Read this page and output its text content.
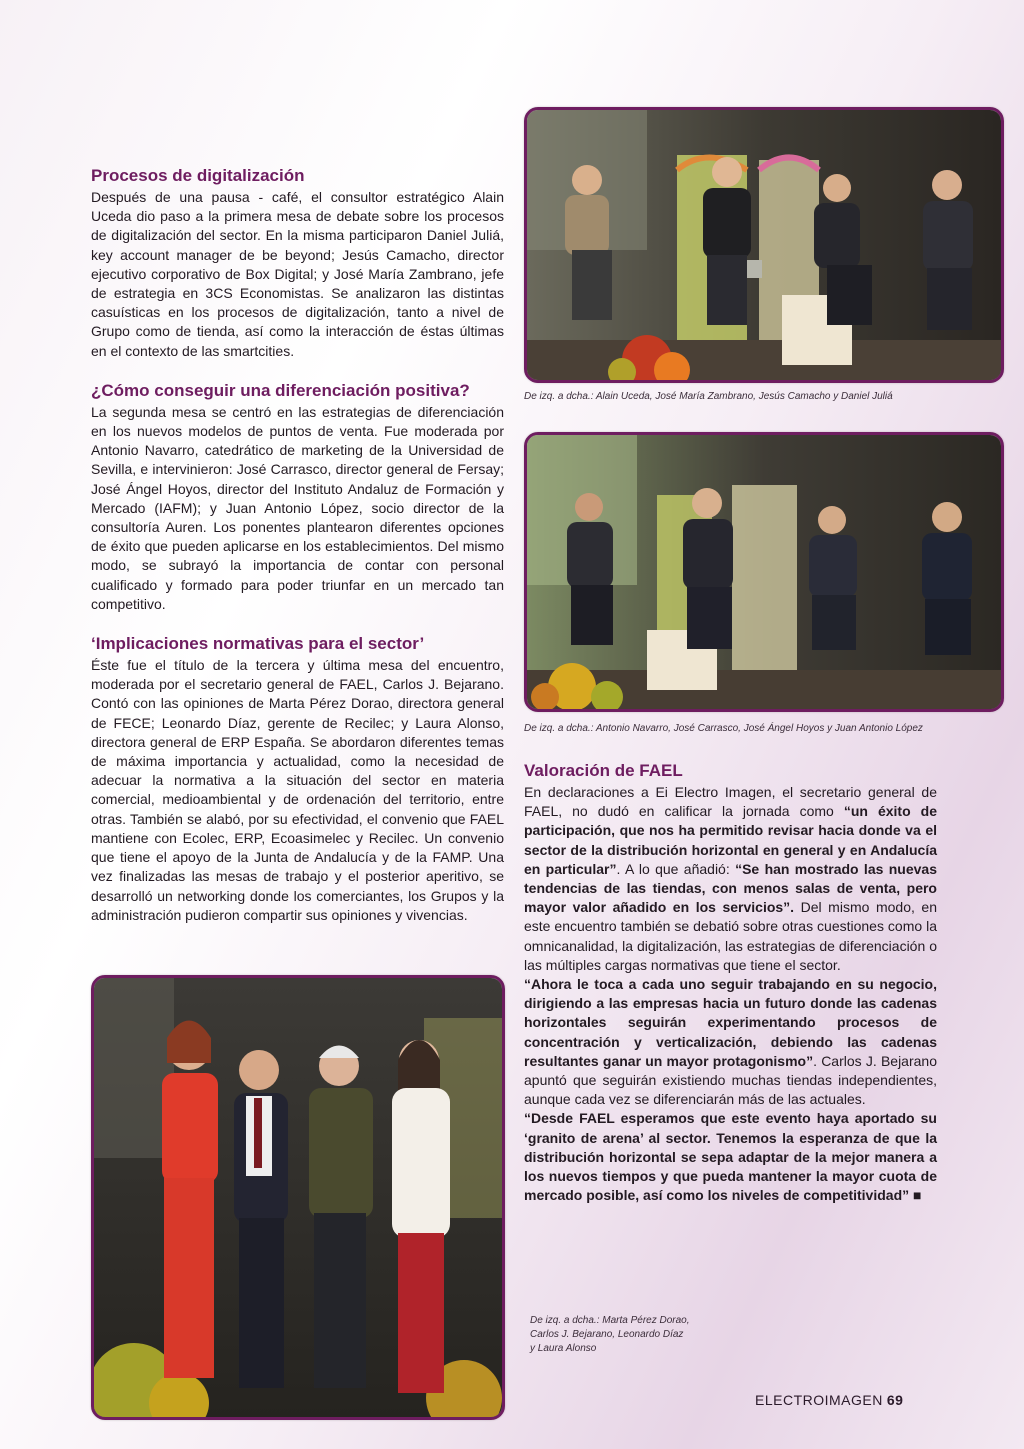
Procesos de digitalización

Después de una pausa - café, el consultor estratégico Alain Uceda dio paso a la primera mesa de debate sobre los procesos de digitalización del sector. En la misma participaron Daniel Juliá, key account manager de be beyond; Jesús Camacho, director ejecutivo corporativo de Box Digital; y José María Zambrano, jefe de estrategia en 3CS Economistas. Se analizaron las distintas casuísticas en los procesos de digitalización, tanto a nivel de Grupo como de tienda, así como la interacción de éstas últimas en el contexto de las smartcities.

¿Cómo conseguir una diferenciación positiva?

La segunda mesa se centró en las estrategias de diferenciación en los nuevos modelos de puntos de venta. Fue moderada por Antonio Navarro, catedrático de marketing de la Universidad de Sevilla, e intervinieron: José Carrasco, director general de Fersay; José Ángel Hoyos, director del Instituto Andaluz de Formación y Mercado (IAFM); y Juan Antonio López, socio director de la consultoría Auren. Los ponentes plantearon diferentes opciones de éxito que pueden aplicarse en los establecimientos. Del mismo modo, se subrayó la importancia de contar con personal cualificado y formado para poder triunfar en un mercado tan competitivo.

‘Implicaciones normativas para el sector’

Éste fue el título de la tercera y última mesa del encuentro, moderada por el secretario general de FAEL, Carlos J. Bejarano. Contó con las opiniones de Marta Pérez Dorao, directora general de FECE; Leonardo Díaz, gerente de Recilec; y Laura Alonso, directora general de ERP España. Se abordaron diferentes temas de máxima importancia y actualidad, como la necesidad de adecuar la normativa a la situación del sector en materia comercial, medioambiental y de ordenación del territorio, entre otras. También se alabó, por su efectividad, el convenio que FAEL mantiene con Ecolec, ERP, Ecoasimelec y Recilec. Un convenio que tiene el apoyo de la Junta de Andalucía y de la FAMP. Una vez finalizadas las mesas de trabajo y el posterior aperitivo, se desarrolló un networking donde los comerciantes, los Grupos y la administración pudieron compartir sus opiniones y vivencias.

De izq. a dcha.: Alain Uceda, José María Zambrano, Jesús Camacho y Daniel Juliá
De izq. a dcha.: Antonio Navarro, José Carrasco, José Ángel Hoyos y Juan Antonio López
Valoración de FAEL

En declaraciones a Ei Electro Imagen, el secretario general de FAEL, no dudó en calificar la jornada como “un éxito de participación, que nos ha permitido revisar hacia donde va el sector de la distribución horizontal en general y en Andalucía en particular”. A lo que añadió: “Se han mostrado las nuevas tendencias de las tiendas, con menos salas de venta, pero mayor valor añadido en los servicios”. Del mismo modo, en este encuentro también se debatió sobre otras cuestiones como la omnicanalidad, la digitalización, las estrategias de diferenciación o las múltiples cargas normativas que tiene el sector.

“Ahora le toca a cada uno seguir trabajando en su negocio, dirigiendo a las empresas hacia un futuro donde las cadenas horizontales seguirán experimentando procesos de concentración y verticalización, debiendo las cadenas resultantes ganar un mayor protagonismo”. Carlos J. Bejarano apuntó que seguirán existiendo muchas tiendas independientes, aunque cada vez se diferenciarán más de las actuales.

“Desde FAEL esperamos que este evento haya aportado su ‘granito de arena’ al sector. Tenemos la esperanza de que la distribución horizontal se sepa adaptar de la mejor manera a los nuevos tiempos y que pueda mantener la mayor cuota de mercado posible, así como los niveles de competitividad” ■

De izq. a dcha.: Marta Pérez Dorao,
Carlos J. Bejarano, Leonardo Díaz
y Laura Alonso
ELECTROIMAGEN 69
